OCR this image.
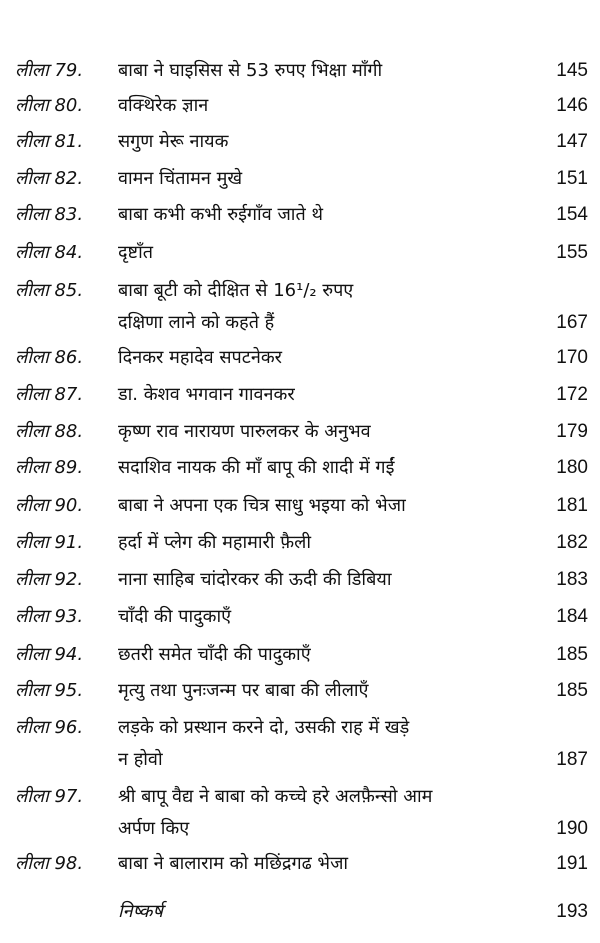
लीला 79. बाबा ने घाइसिस से 53 रुपए भिक्षा माँगी	145
लीला 80. वक्थिरेक ज्ञान	146
लीला 81. सगुण मेरू नायक	147
लीला 82. वामन चिंतामन मुखे	151
लीला 83. बाबा कभी कभी रुईगाँव जाते थे	154
लीला 84. दृष्टाँत	155
लीला 85. बाबा बूटी को दीक्षित से 16¹/₂ रुपए
दक्षिणा लाने को कहते हैं	167
लीला 86. दिनकर महादेव सपटनेकर	170
लीला 87. डा. केशव भगवान गावनकर	172
लीला 88. कृष्ण राव नारायण पारुलकर के अनुभव	179
लीला 89. सदाशिव नायक की माँ बापू की शादी में गईं	180
लीला 90. बाबा ने अपना एक चित्र साधु भइया को भेजा	181
लीला 91. हर्दा में प्लेग की महामारी फ़ैली	182
लीला 92. नाना साहिब चांदोरकर की ऊदी की डिबिया	183
लीला 93. चाँदी की पादुकाएँ	184
लीला 94. छतरी समेत चाँदी की पादुकाएँ	185
लीला 95. मृत्यु तथा पुनःजन्म पर बाबा की लीलाएँ	185
लीला 96. लड़के को प्रस्थान करने दो, उसकी राह में खड़े
न होवो	187
लीला 97. श्री बापू वैद्य ने बाबा को कच्चे हरे अलफ़ैन्सो आम
अर्पण किए	190
लीला 98. बाबा ने बालाराम को मछिंद्रगढ भेजा	191
निष्कर्ष	193
